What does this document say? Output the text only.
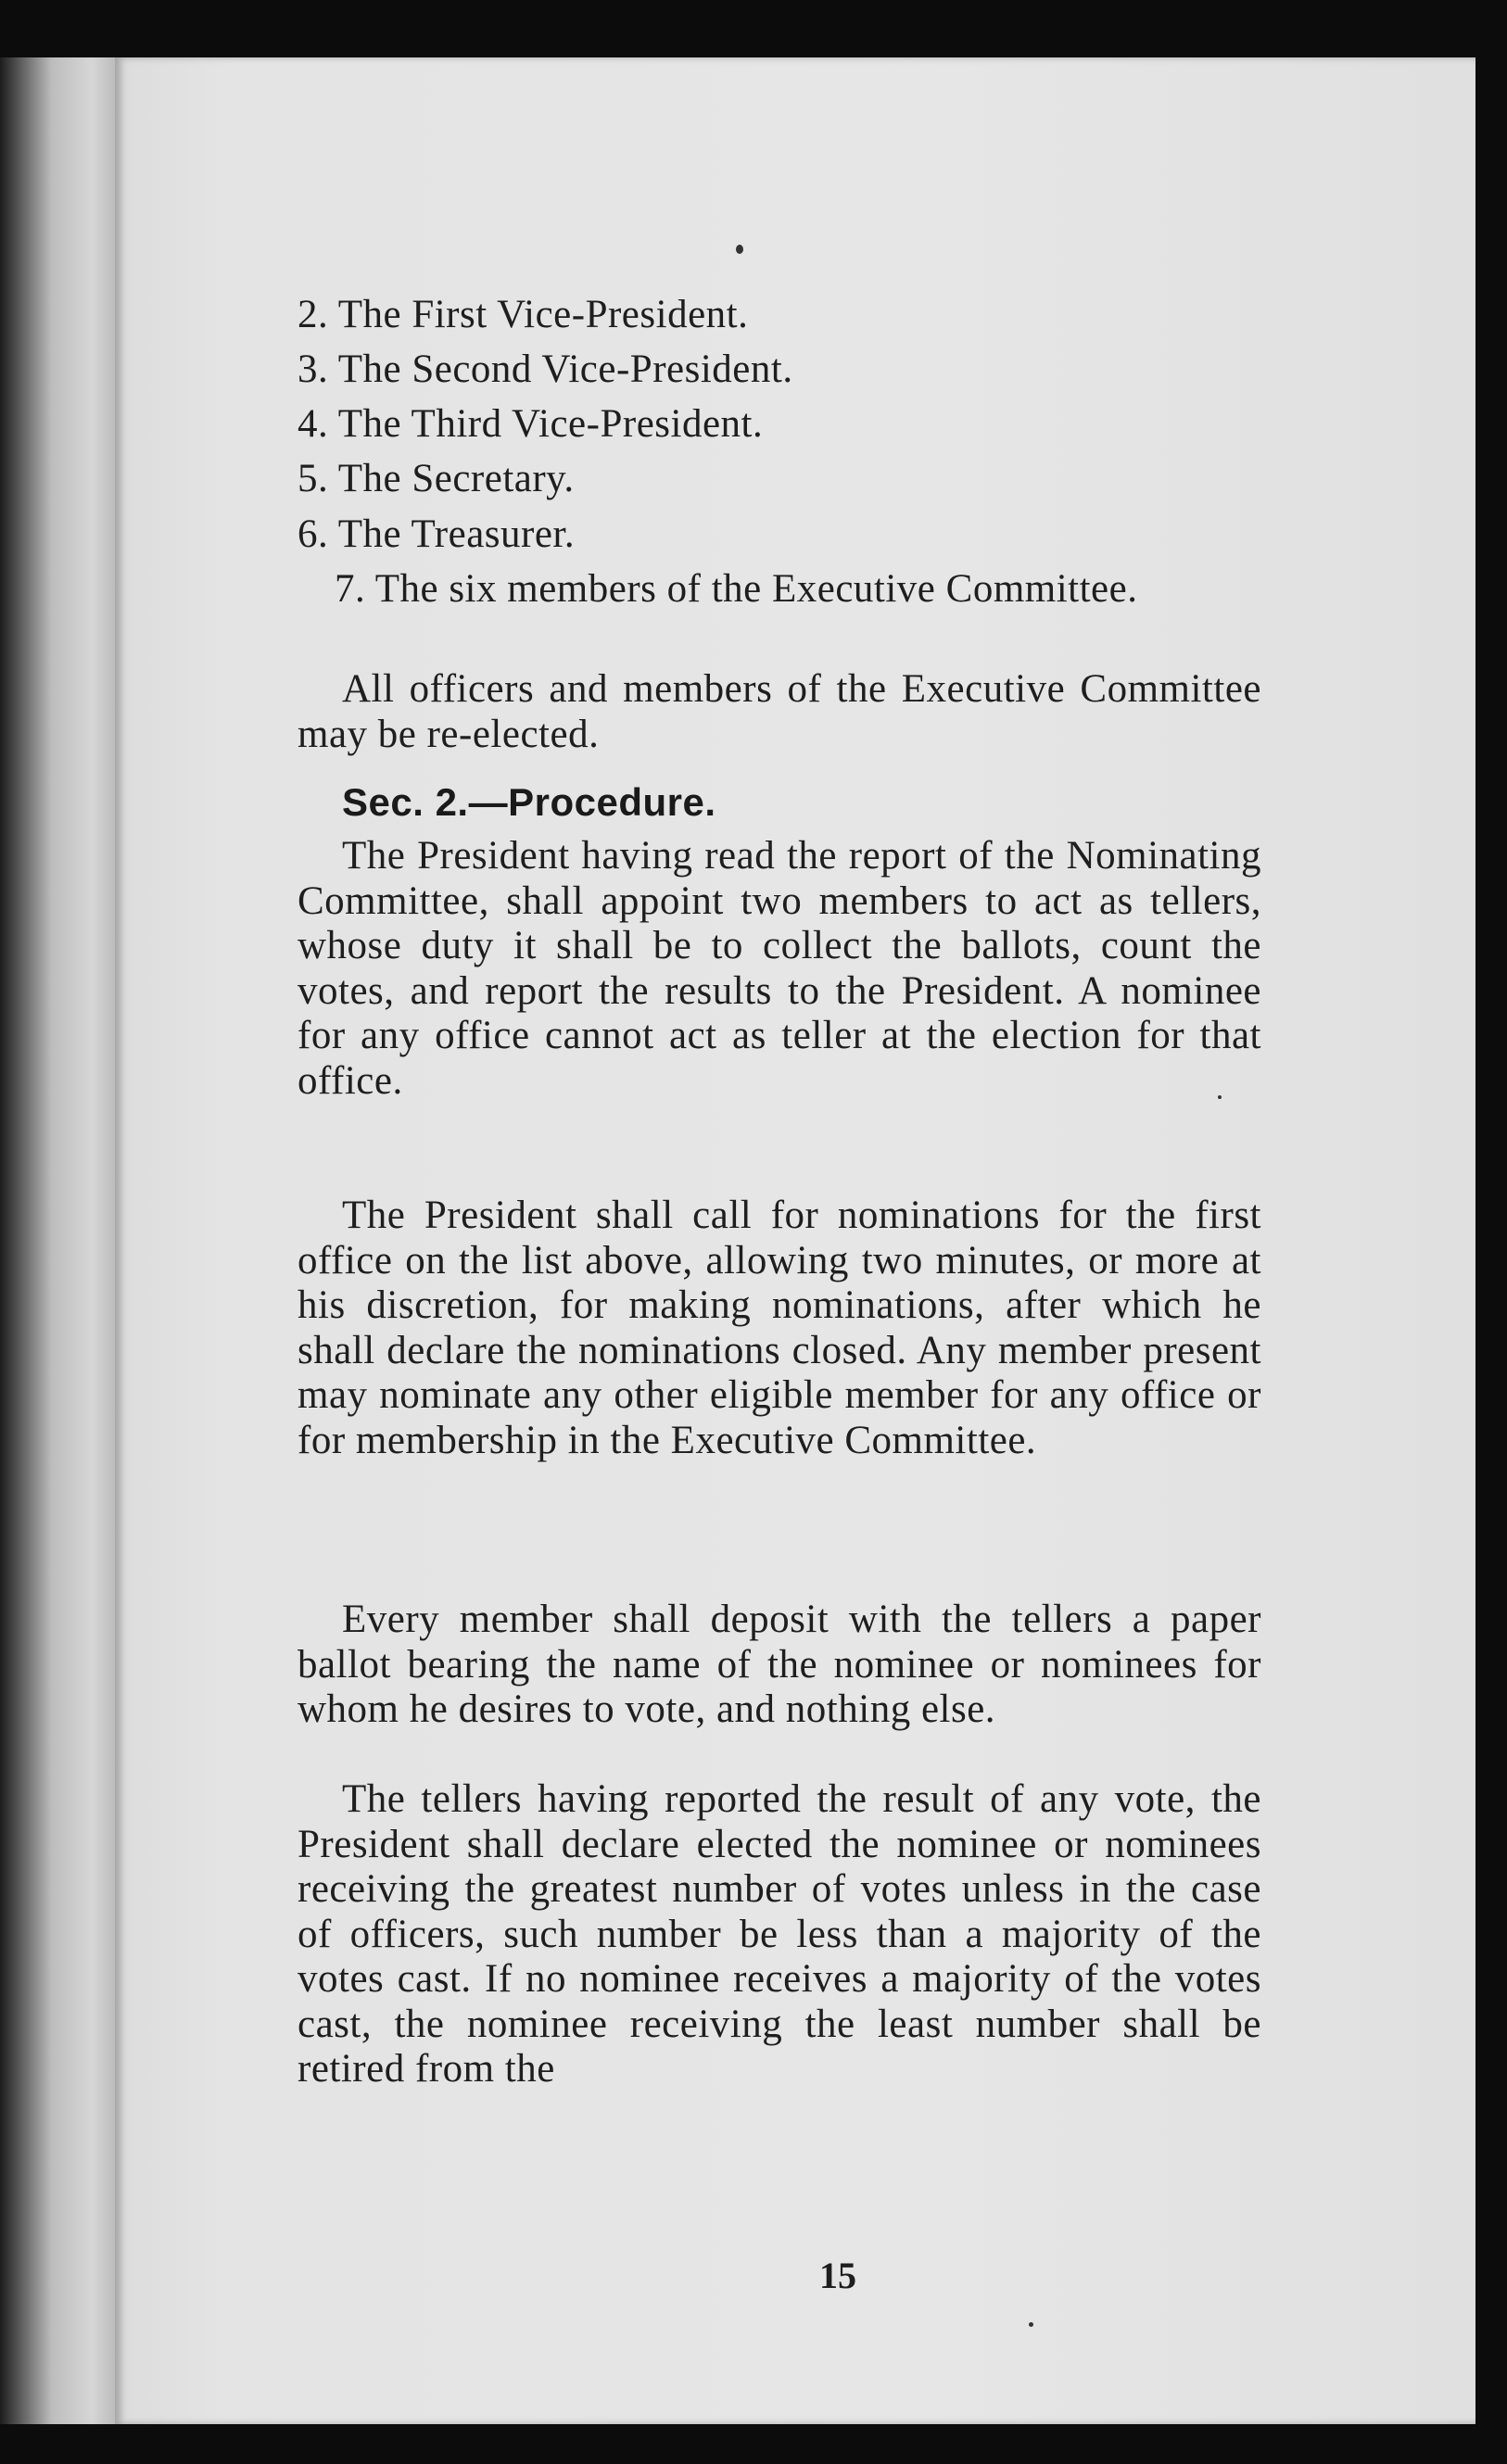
2. The First Vice-President.
3. The Second Vice-President.
4. The Third Vice-President.
5. The Secretary.
6. The Treasurer.
7. The six members of the Executive Committee.
All officers and members of the Executive Committee may be re-elected.
Sec. 2.—Procedure.
The President having read the report of the Nominating Committee, shall appoint two members to act as tellers, whose duty it shall be to collect the ballots, count the votes, and report the results to the President. A nominee for any office cannot act as teller at the election for that office.
The President shall call for nominations for the first office on the list above, allowing two minutes, or more at his discretion, for making nominations, after which he shall declare the nominations closed. Any member present may nominate any other eligible member for any office or for membership in the Executive Committee.
Every member shall deposit with the tellers a paper ballot bearing the name of the nominee or nominees for whom he desires to vote, and nothing else.
The tellers having reported the result of any vote, the President shall declare elected the nominee or nominees receiving the greatest number of votes unless in the case of officers, such number be less than a majority of the votes cast. If no nominee receives a majority of the votes cast, the nominee receiving the least number shall be retired from the
15
